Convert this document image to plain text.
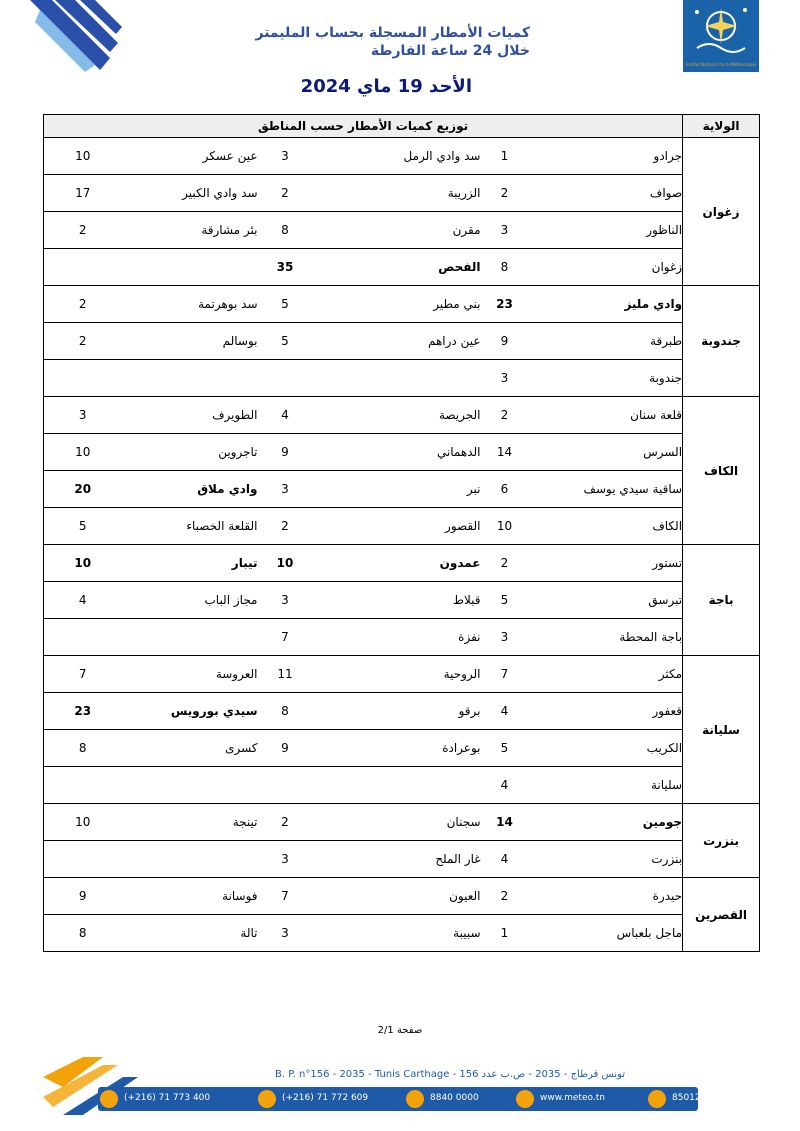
Institut National de la Météorologie
كميات الأمطار المسجلة بحساب المليمتر
خلال 24 ساعة الفارطة
الأحد 19 ماي 2024
توزيع كميات الأمطار حسب المناطق						الولاية
10	عين عسكر	3	سد وادي الرمل	1	جرادو	زغوان
17	سد وادي الكبير	2	الزريبة	2	صواف	
2	بئر مشارقة	8	مقرن	3	الناظور	
		35	الفحص	8	زغوان	
2	سد بوهرتمة	5	بني مطير	23	وادي مليز	جندوبة
2	بوسالم	5	عين دراهم	9	طبرقة	
				3	جندوبة	
3	الطويرف	4	الجريصة	2	قلعة سنان	الكاف
10	تاجروين	9	الدهماني	14	السرس	
20	وادي ملاق	3	نبر	6	ساقية سيدي يوسف	
5	القلعة الخصباء	2	القصور	10	الكاف	
10	تيبار	10	عمدون	2	تستور	باجة
4	مجاز الباب	3	قبلاط	5	تبرسق	
		7	نفزة	3	باجة المحطة	
7	العروسة	11	الروحية	7	مكثر	سليانة
23	سيدي بورويس	8	برقو	4	قعفور	
8	كسرى	9	بوعرادة	5	الكريب	
				4	سليانة	
10	تينجة	2	سجنان	14	جومين	بنزرت
		3	غار الملح	4	بنزرت	
9	فوسانة	7	العيون	2	حيدرة	القصرين
8	تالة	3	سبيبة	1	ماجل بلعباس	
صفحة 2/1
B. P. n°156 - 2035 - Tunis Carthage - تونس قرطاج - 2035 - ص.ب عدد 156
(+216) 71 773 400	(+216) 71 772 609	8840 0000	www.meteo.tn	85012
